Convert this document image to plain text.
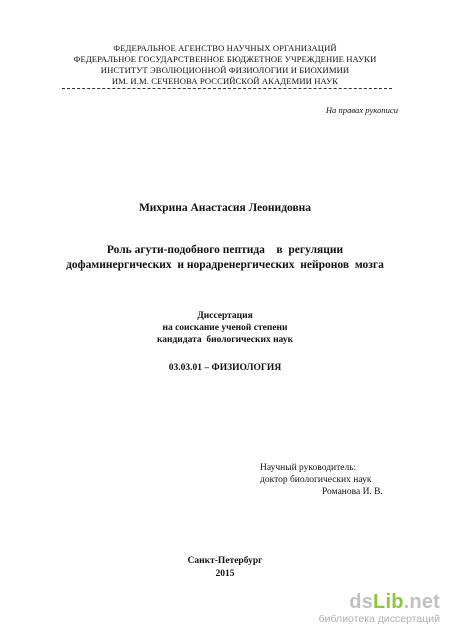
ФЕДЕРАЛЬНОЕ АГЕНСТВО НАУЧНЫХ ОРГАНИЗАЦИЙ
ФЕДЕРАЛЬНОЕ ГОСУДАРСТВЕННОЕ БЮДЖЕТНОЕ УЧРЕЖДЕНИЕ НАУКИ
ИНСТИТУТ ЭВОЛЮЦИОННОЙ ФИЗИОЛОГИИ И БИОХИМИИ
ИМ. И.М. СЕЧЕНОВА РОССИЙСКОЙ АКАДЕМИИ НАУК
На правах рукописи
Михрина Анастасия Леонидовна
Роль агути-подобного пептида    в  регуляции
дофаминергических  и норадренергических  нейронов  мозга
Диссертация
на соискание ученой степени
кандидата  биологических наук
03.03.01 – ФИЗИОЛОГИЯ
Научный руководитель:
доктор биологических наук
Романова И. В.
Санкт-Петербург
2015
dsLib.net
библиотека диссертаций
